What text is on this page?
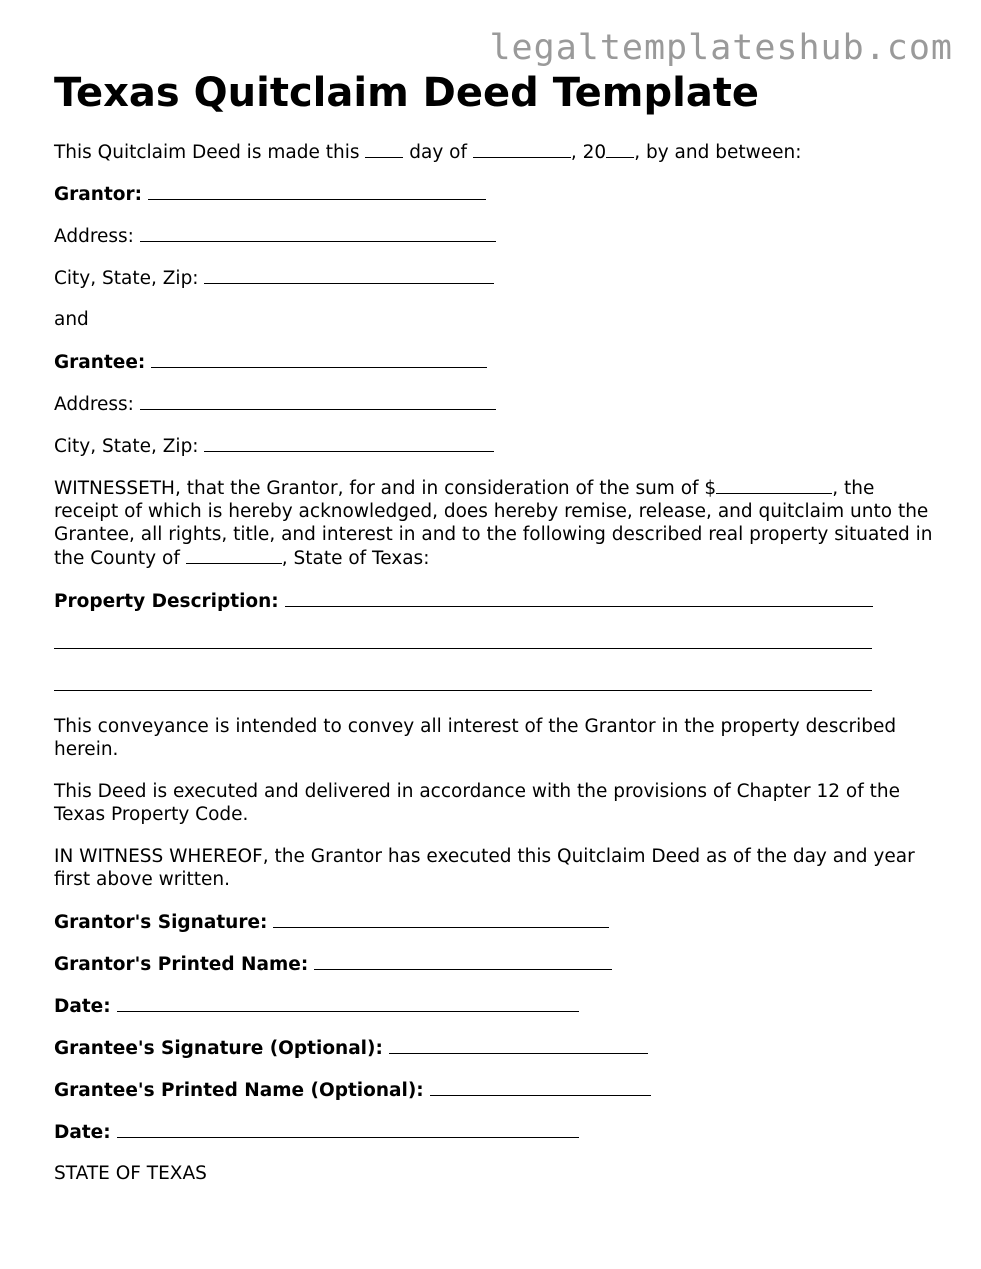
legaltemplateshub.com
Texas Quitclaim Deed Template
This Quitclaim Deed is made this	day of	, 20 , by and between:
Grantor:
Address:
City, State, Zip:
and
Grantee:
Address:
City, State, Zip:
WITNESSETH, that the Grantor, for and in consideration of the sum of $	, the receipt of which is hereby acknowledged, does hereby remise, release, and quitclaim unto the Grantee, all rights, title, and interest in and to the following described real property situated in the County of	, State of Texas:
Property Description:
This conveyance is intended to convey all interest of the Grantor in the property described herein.
This Deed is executed and delivered in accordance with the provisions of Chapter 12 of the Texas Property Code.
IN WITNESS WHEREOF, the Grantor has executed this Quitclaim Deed as of the day and year first above written.
Grantor's Signature:
Grantor's Printed Name:
Date:
Grantee's Signature (Optional):
Grantee's Printed Name (Optional):
Date:
STATE OF TEXAS
